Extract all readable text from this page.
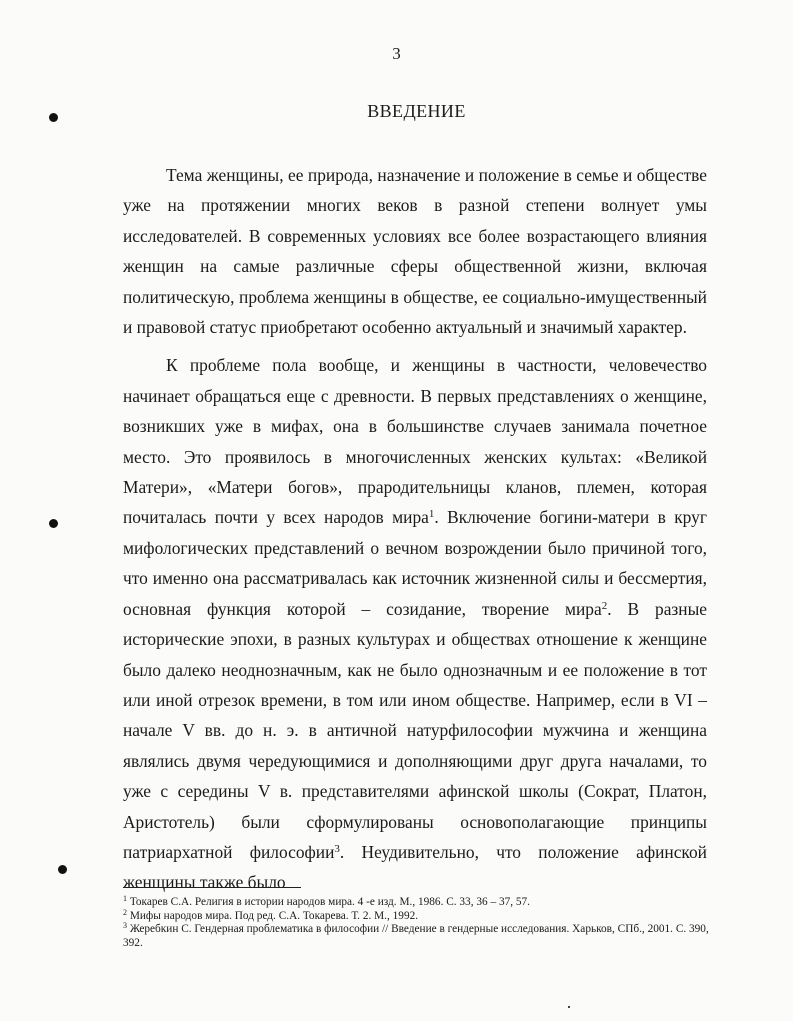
3
ВВЕДЕНИЕ

Тема женщины, ее природа, назначение и положение в семье и обществе уже на протяжении многих веков в разной степени волнует умы исследователей. В современных условиях все более возрастающего влияния женщин на самые различные сферы общественной жизни, включая политическую, проблема женщины в обществе, ее социально-имущественный и правовой статус приобретают особенно актуальный и значимый характер.

К проблеме пола вообще, и женщины в частности, человечество начинает обращаться еще с древности. В первых представлениях о женщине, возникших уже в мифах, она в большинстве случаев занимала почетное место. Это проявилось в многочисленных женских культах: «Великой Матери», «Матери богов», прародительницы кланов, племен, которая почиталась почти у всех народов мира$^1$. Включение богини-матери в круг мифологических представлений о вечном возрождении было причиной того, что именно она рассматривалась как источник жизненной силы и бессмертия, основная функция которой – созидание, творение мира$^2$. В разные исторические эпохи, в разных культурах и обществах отношение к женщине было далеко неоднозначным, как не было однозначным и ее положение в тот или иной отрезок времени, в том или ином обществе. Например, если в VI – начале V вв. до н. э. в античной натурфилософии мужчина и женщина являлись двумя чередующимися и дополняющими друг друга началами, то уже с середины V в. представителями афинской школы (Сократ, Платон, Аристотель) были сформулированы основополагающие принципы патриархатной философии$^3$. Неудивительно, что положение афинской женщины также было

$^1$ Токарев С.А. Религия в истории народов мира. 4 -е изд. М., 1986. С. 33, 36 – 37, 57.

$^2$ Мифы народов мира. Под ред. С.А. Токарева. Т. 2. М., 1992.

$^3$ Жеребкин С. Гендерная проблематика в философии // Введение в гендерные исследования. Харьков, СПб., 2001. С. 390, 392.
